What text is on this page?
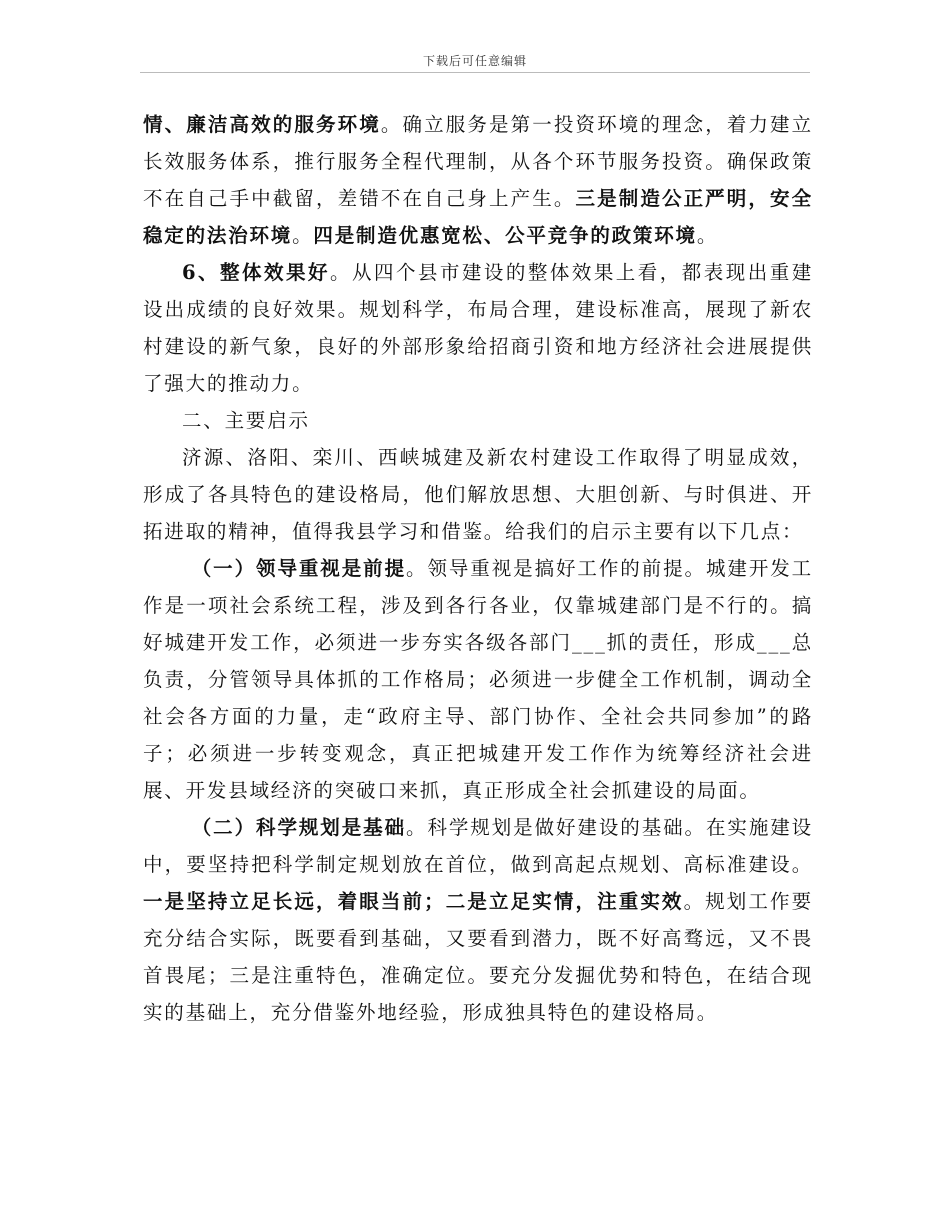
下载后可任意编辑

情、廉洁高效的服务环境。确立服务是第一投资环境的理念，着力建立长效服务体系，推行服务全程代理制，从各个环节服务投资。确保政策不在自己手中截留，差错不在自己身上产生。三是制造公正严明，安全稳定的法治环境。四是制造优惠宽松、公平竞争的政策环境。

6、整体效果好。从四个县市建设的整体效果上看，都表现出重建设出成绩的良好效果。规划科学，布局合理，建设标准高，展现了新农村建设的新气象，良好的外部形象给招商引资和地方经济社会进展提供了强大的推动力。

二、主要启示

济源、洛阳、栾川、西峡城建及新农村建设工作取得了明显成效，形成了各具特色的建设格局，他们解放思想、大胆创新、与时俱进、开拓进取的精神，值得我县学习和借鉴。给我们的启示主要有以下几点：

（一）领导重视是前提。领导重视是搞好工作的前提。城建开发工作是一项社会系统工程，涉及到各行各业，仅靠城建部门是不行的。搞好城建开发工作，必须进一步夯实各级各部门___抓的责任，形成___总负责，分管领导具体抓的工作格局；必须进一步健全工作机制，调动全社会各方面的力量，走“政府主导、部门协作、全社会共同参加”的路子；必须进一步转变观念，真正把城建开发工作作为统筹经济社会进展、开发县域经济的突破口来抓，真正形成全社会抓建设的局面。

（二）科学规划是基础。科学规划是做好建设的基础。在实施建设中，要坚持把科学制定规划放在首位，做到高起点规划、高标准建设。一是坚持立足长远，着眼当前；二是立足实情，注重实效。规划工作要充分结合实际，既要看到基础，又要看到潜力，既不好高骛远，又不畏首畏尾；三是注重特色，准确定位。要充分发掘优势和特色，在结合现实的基础上，充分借鉴外地经验，形成独具特色的建设格局。
